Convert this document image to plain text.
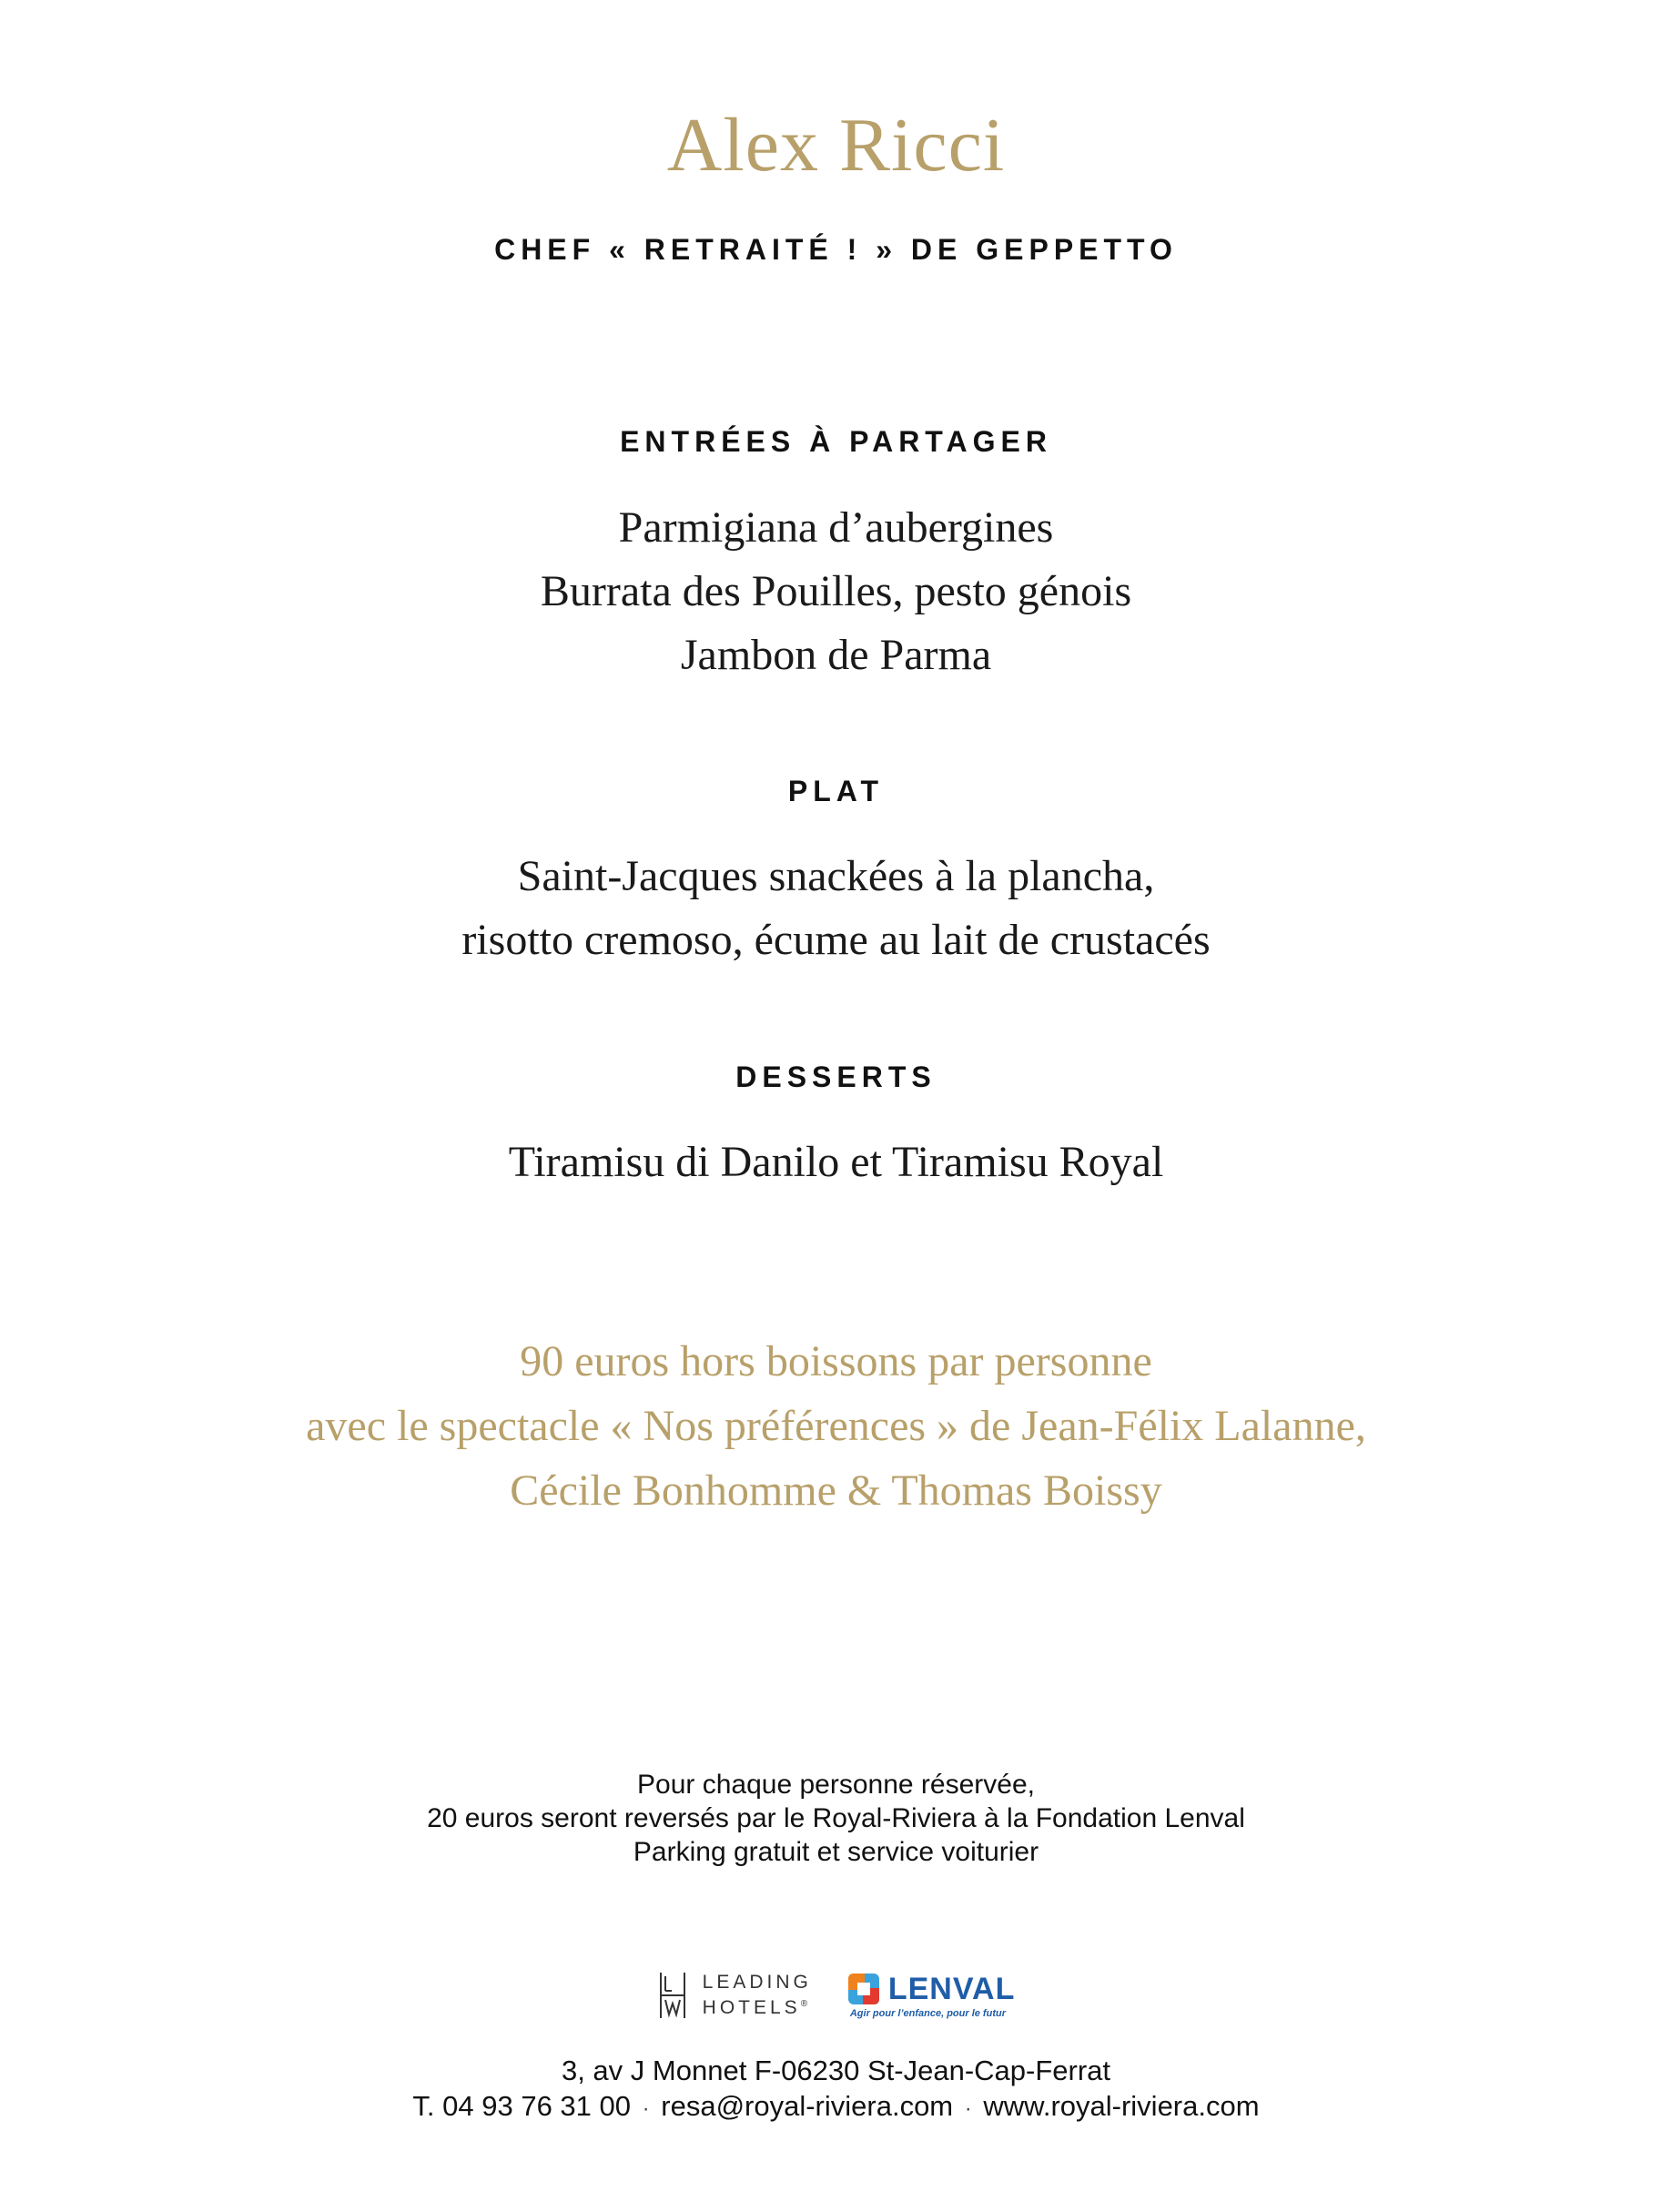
Alex Ricci
CHEF « RETRAITÉ ! » DE GEPPETTO
ENTRÉES À PARTAGER
Parmigiana d’aubergines
Burrata des Pouilles, pesto génois
Jambon de Parma
PLAT
Saint-Jacques snackées à la plancha,
risotto cremoso, écume au lait de crustacés
DESSERTS
Tiramisu di Danilo et Tiramisu Royal
90 euros hors boissons par personne
avec le spectacle « Nos préférences » de Jean-Félix Lalanne,
Cécile Bonhomme & Thomas Boissy
Pour chaque personne réservée,
20 euros seront reversés par le Royal-Riviera à la Fondation Lenval
Parking gratuit et service voiturier
LEADING
HOTELS®	LENVAL
Agir pour l’enfance, pour le futur
3, av J Monnet F-06230 St-Jean-Cap-Ferrat
T. 04 93 76 31 00 · resa@royal-riviera.com · www.royal-riviera.com
